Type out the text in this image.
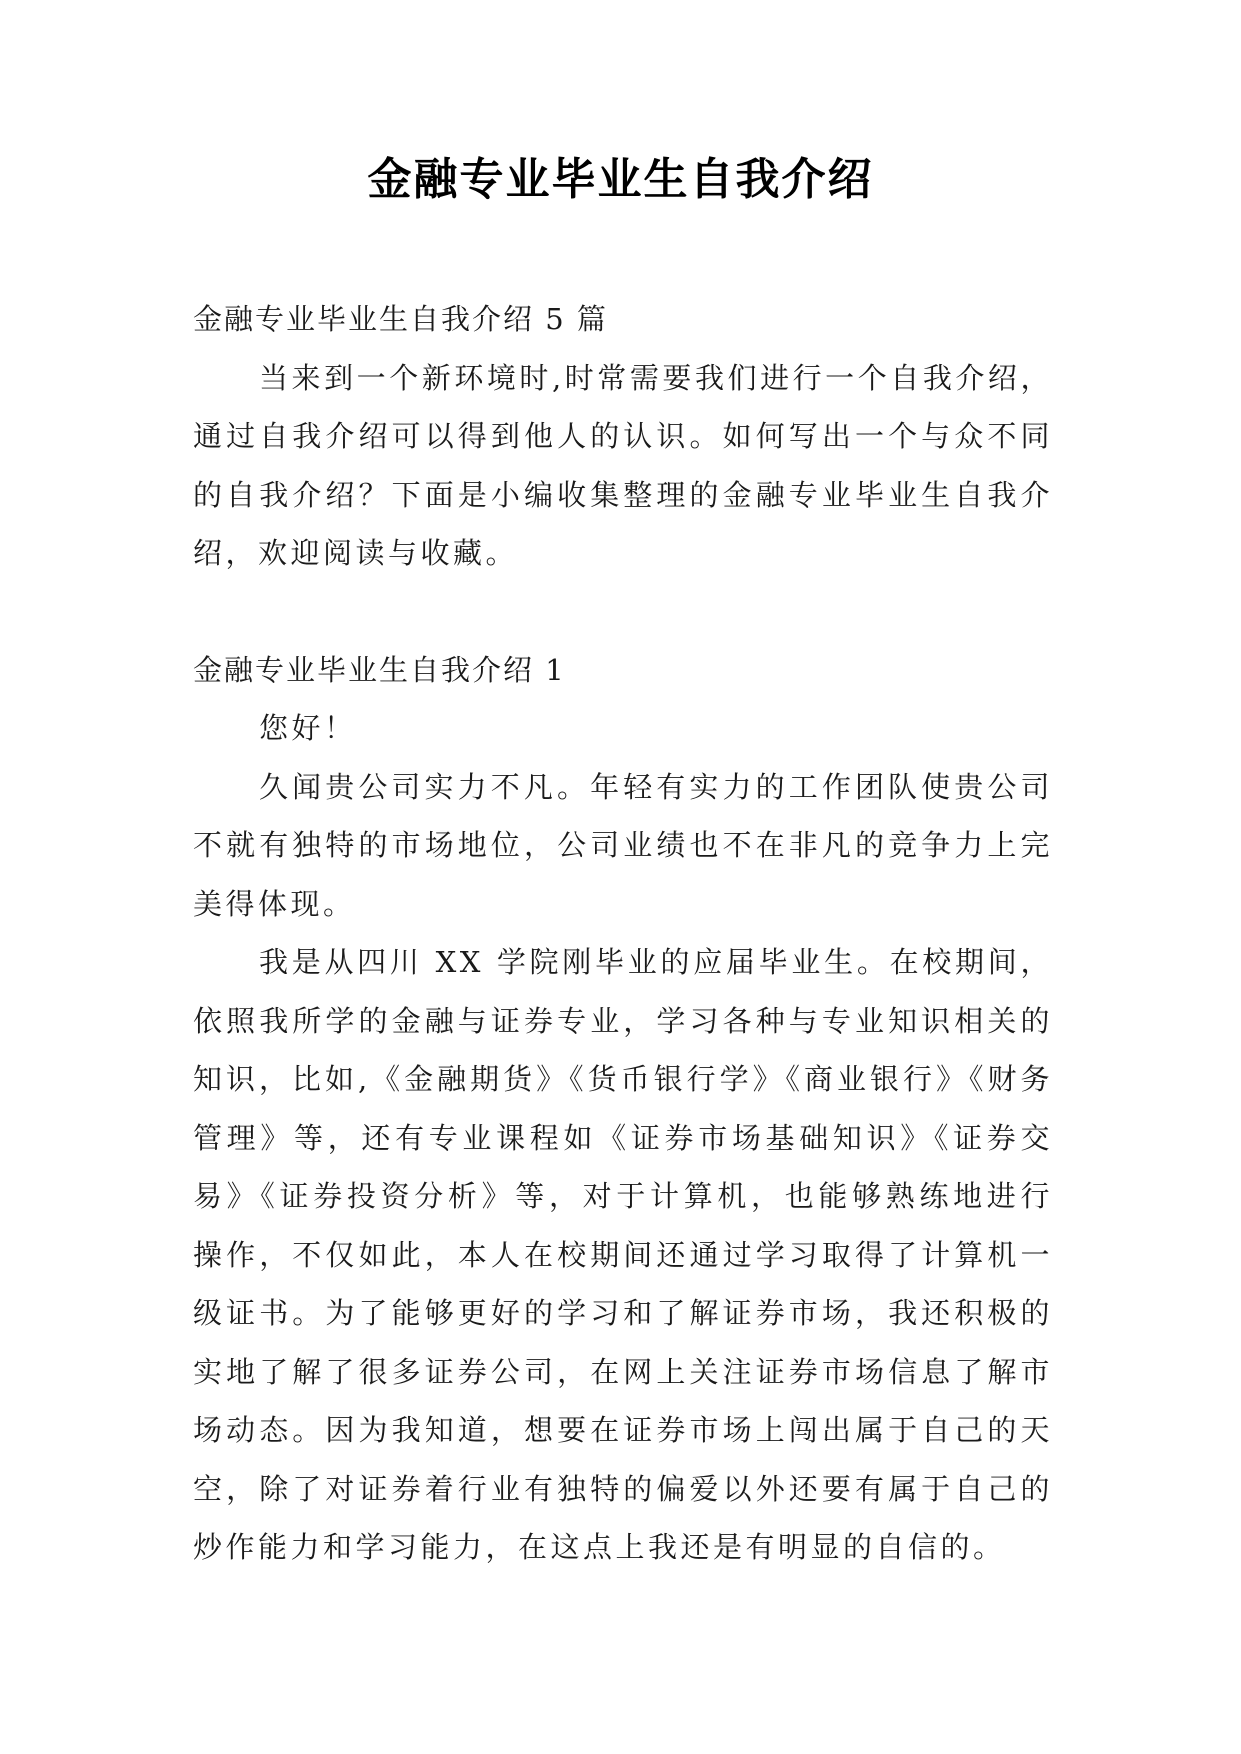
金融专业毕业生自我介绍

金融专业毕业生自我介绍 5 篇

当来到一个新环境时,时常需要我们进行一个自我介绍，通过自我介绍可以得到他人的认识。如何写出一个与众不同的自我介绍？下面是小编收集整理的金融专业毕业生自我介绍，欢迎阅读与收藏。

金融专业毕业生自我介绍 1

您好！

久闻贵公司实力不凡。年轻有实力的工作团队使贵公司不就有独特的市场地位，公司业绩也不在非凡的竞争力上完美得体现。

我是从四川 XX 学院刚毕业的应届毕业生。在校期间，依照我所学的金融与证券专业，学习各种与专业知识相关的知识，比如,《金融期货》《货币银行学》《商业银行》《财务管理》等，还有专业课程如《证券市场基础知识》《证券交易》《证券投资分析》等，对于计算机，也能够熟练地进行操作，不仅如此，本人在校期间还通过学习取得了计算机一级证书。为了能够更好的学习和了解证券市场，我还积极的实地了解了很多证券公司，在网上关注证券市场信息了解市场动态。因为我知道，想要在证券市场上闯出属于自己的天空，除了对证券着行业有独特的偏爱以外还要有属于自己的炒作能力和学习能力，在这点上我还是有明显的自信的。
